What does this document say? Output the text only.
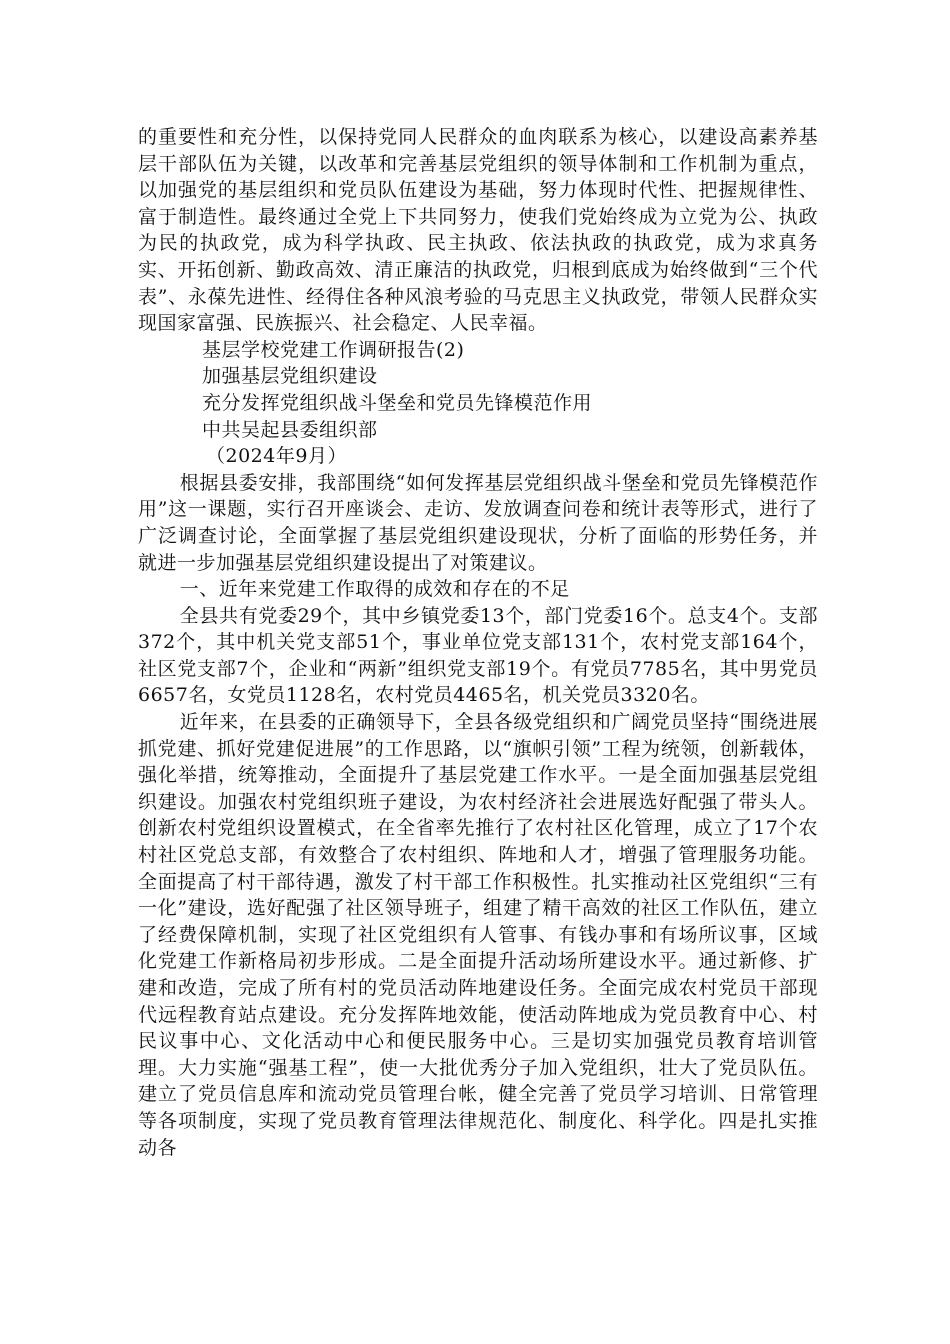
的重要性和充分性，以保持党同人民群众的血肉联系为核心，以建设高素养基层干部队伍为关键，以改革和完善基层党组织的领导体制和工作机制为重点，以加强党的基层组织和党员队伍建设为基础，努力体现时代性、把握规律性、富于制造性。最终通过全党上下共同努力，使我们党始终成为立党为公、执政为民的执政党，成为科学执政、民主执政、依法执政的执政党，成为求真务实、开拓创新、勤政高效、清正廉洁的执政党，归根到底成为始终做到“三个代表”、永葆先进性、经得住各种风浪考验的马克思主义执政党，带领人民群众实现国家富强、民族振兴、社会稳定、人民幸福。

基层学校党建工作调研报告(2)

加强基层党组织建设

充分发挥党组织战斗堡垒和党员先锋模范作用

中共吴起县委组织部

（2024年9月）

根据县委安排，我部围绕“如何发挥基层党组织战斗堡垒和党员先锋模范作用”这一课题，实行召开座谈会、走访、发放调查问卷和统计表等形式，进行了广泛调查讨论，全面掌握了基层党组织建设现状，分析了面临的形势任务，并就进一步加强基层党组织建设提出了对策建议。

一、近年来党建工作取得的成效和存在的不足

全县共有党委29个，其中乡镇党委13个，部门党委16个。总支4个。支部372个，其中机关党支部51个，事业单位党支部131个，农村党支部164个，社区党支部7个，企业和“两新”组织党支部19个。有党员7785名，其中男党员6657名，女党员1128名，农村党员4465名，机关党员3320名。

近年来，在县委的正确领导下，全县各级党组织和广阔党员坚持“围绕进展抓党建、抓好党建促进展”的工作思路，以“旗帜引领”工程为统领，创新载体，强化举措，统筹推动，全面提升了基层党建工作水平。一是全面加强基层党组织建设。加强农村党组织班子建设，为农村经济社会进展选好配强了带头人。创新农村党组织设置模式，在全省率先推行了农村社区化管理，成立了17个农村社区党总支部，有效整合了农村组织、阵地和人才，增强了管理服务功能。全面提高了村干部待遇，激发了村干部工作积极性。扎实推动社区党组织“三有一化”建设，选好配强了社区领导班子，组建了精干高效的社区工作队伍，建立了经费保障机制，实现了社区党组织有人管事、有钱办事和有场所议事，区域化党建工作新格局初步形成。二是全面提升活动场所建设水平。通过新修、扩建和改造，完成了所有村的党员活动阵地建设任务。全面完成农村党员干部现代远程教育站点建设。充分发挥阵地效能，使活动阵地成为党员教育中心、村民议事中心、文化活动中心和便民服务中心。三是切实加强党员教育培训管理。大力实施“强基工程”，使一大批优秀分子加入党组织，壮大了党员队伍。建立了党员信息库和流动党员管理台帐，健全完善了党员学习培训、日常管理等各项制度，实现了党员教育管理法律规范化、制度化、科学化。四是扎实推动各
